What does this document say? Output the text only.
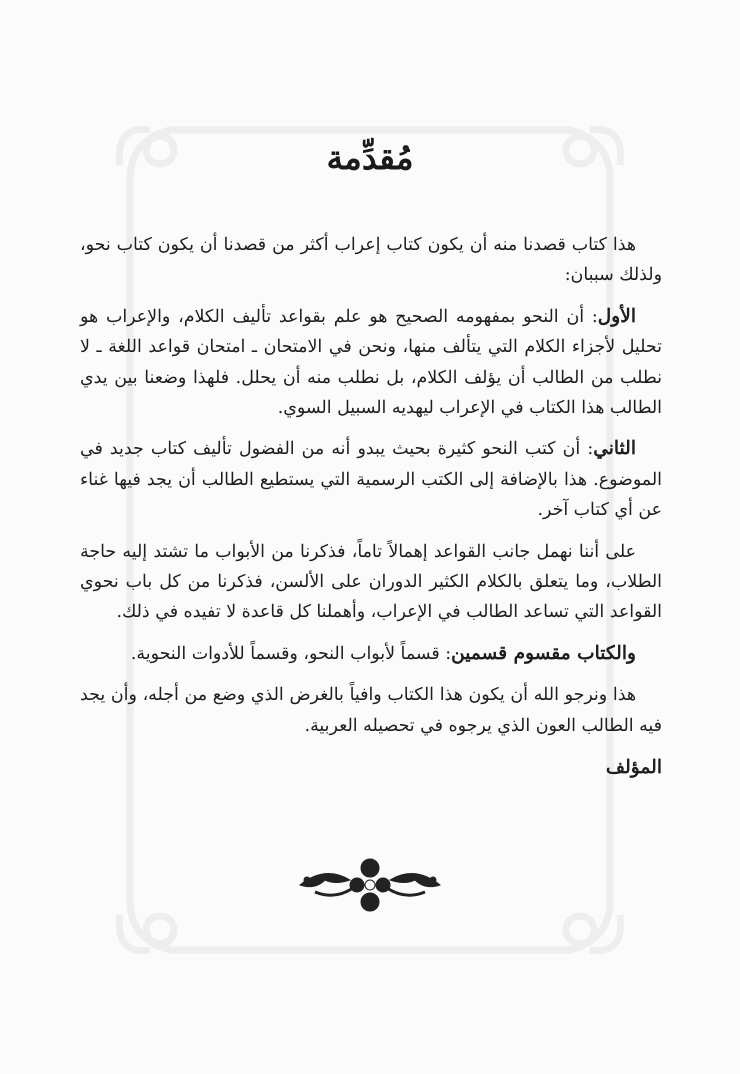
مُقدِّمة

هذا كتاب قصدنا منه أن يكون كتاب إعراب أكثر من قصدنا أن يكون كتاب نحو، ولذلك سببان:

الأول: أن النحو بمفهومه الصحيح هو علم بقواعد تأليف الكلام، والإعراب هو تحليل لأجزاء الكلام التي يتألف منها، ونحن في الامتحان ـ امتحان قواعد اللغة ـ لا نطلب من الطالب أن يؤلف الكلام، بل نطلب منه أن يحلل. فلهذا وضعنا بين يدي الطالب هذا الكتاب في الإعراب ليهديه السبيل السوي.

الثاني: أن كتب النحو كثيرة بحيث يبدو أنه من الفضول تأليف كتاب جديد في الموضوع. هذا بالإضافة إلى الكتب الرسمية التي يستطيع الطالب أن يجد فيها غناء عن أي كتاب آخر.

على أننا نهمل جانب القواعد إهمالاً تاماً، فذكرنا من الأبواب ما تشتد إليه حاجة الطلاب، وما يتعلق بالكلام الكثير الدوران على الألسن، فذكرنا من كل باب نحوي القواعد التي تساعد الطالب في الإعراب، وأهملنا كل قاعدة لا تفيده في ذلك.

والكتاب مقسوم قسمين: قسماً لأبواب النحو، وقسماً للأدوات النحوية.

هذا ونرجو الله أن يكون هذا الكتاب وافياً بالغرض الذي وضع من أجله، وأن يجد فيه الطالب العون الذي يرجوه في تحصيله العربية.

المؤلف
